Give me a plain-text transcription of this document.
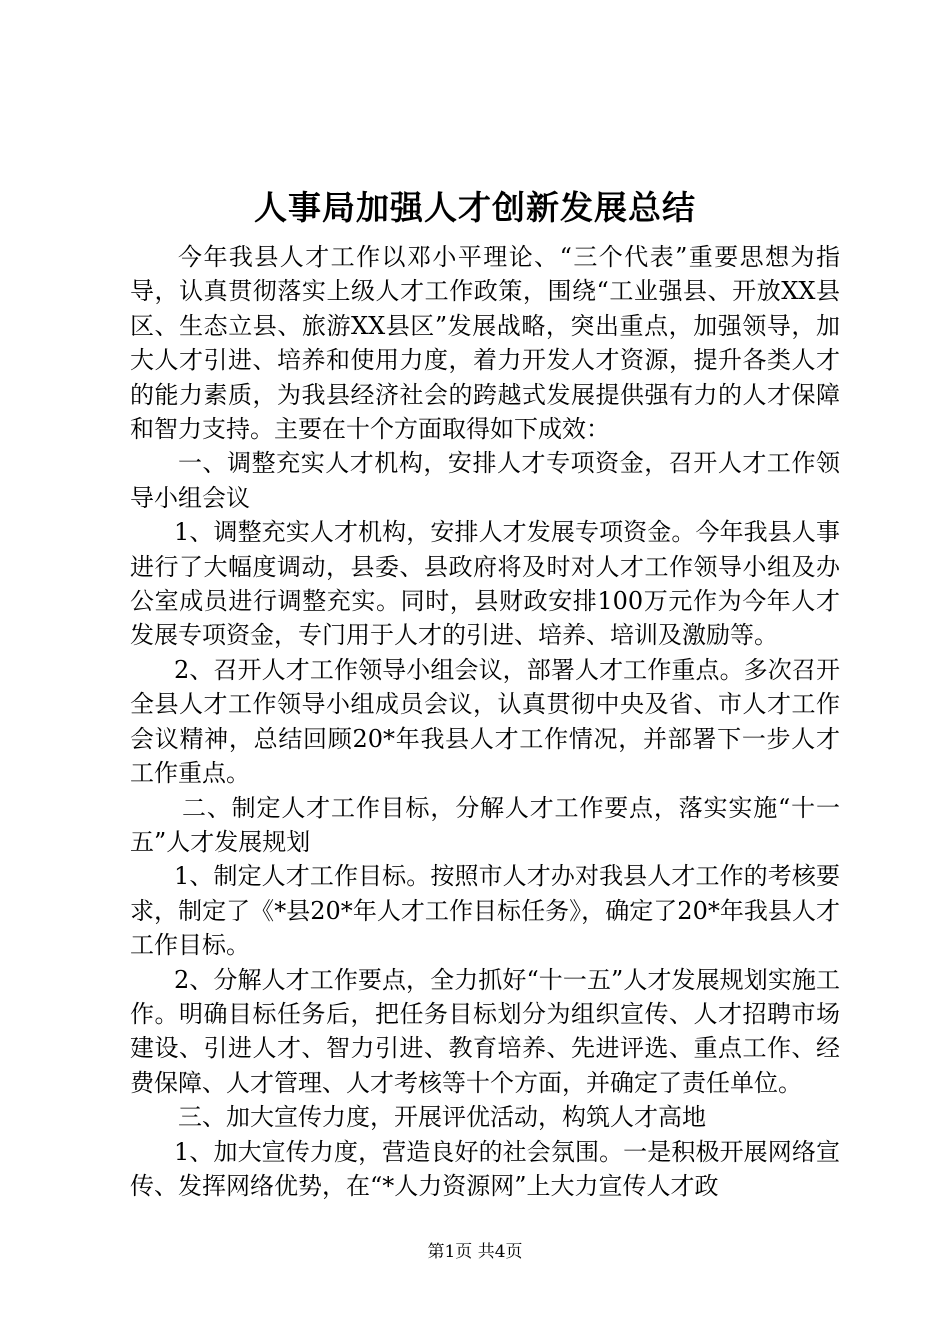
人事局加强人才创新发展总结

今年我县人才工作以邓小平理论、“三个代表”重要思想为指导，认真贯彻落实上级人才工作政策，围绕“工业强县、开放XX县区、生态立县、旅游XX县区”发展战略，突出重点，加强领导，加大人才引进、培养和使用力度，着力开发人才资源，提升各类人才的能力素质，为我县经济社会的跨越式发展提供强有力的人才保障和智力支持。主要在十个方面取得如下成效：

一、调整充实人才机构，安排人才专项资金，召开人才工作领导小组会议

1、调整充实人才机构，安排人才发展专项资金。今年我县人事进行了大幅度调动，县委、县政府将及时对人才工作领导小组及办公室成员进行调整充实。同时，县财政安排100万元作为今年人才发展专项资金，专门用于人才的引进、培养、培训及激励等。

2、召开人才工作领导小组会议，部署人才工作重点。多次召开全县人才工作领导小组成员会议，认真贯彻中央及省、市人才工作会议精神，总结回顾20*年我县人才工作情况，并部署下一步人才工作重点。

二、制定人才工作目标，分解人才工作要点，落实实施“十一五”人才发展规划

1、制定人才工作目标。按照市人才办对我县人才工作的考核要求，制定了《*县20*年人才工作目标任务》，确定了20*年我县人才工作目标。

2、分解人才工作要点，全力抓好“十一五”人才发展规划实施工作。明确目标任务后，把任务目标划分为组织宣传、人才招聘市场建设、引进人才、智力引进、教育培养、先进评选、重点工作、经费保障、人才管理、人才考核等十个方面，并确定了责任单位。

三、加大宣传力度，开展评优活动，构筑人才高地

1、加大宣传力度，营造良好的社会氛围。一是积极开展网络宣传、发挥网络优势，在“*人力资源网”上大力宣传人才政

第1页 共4页
